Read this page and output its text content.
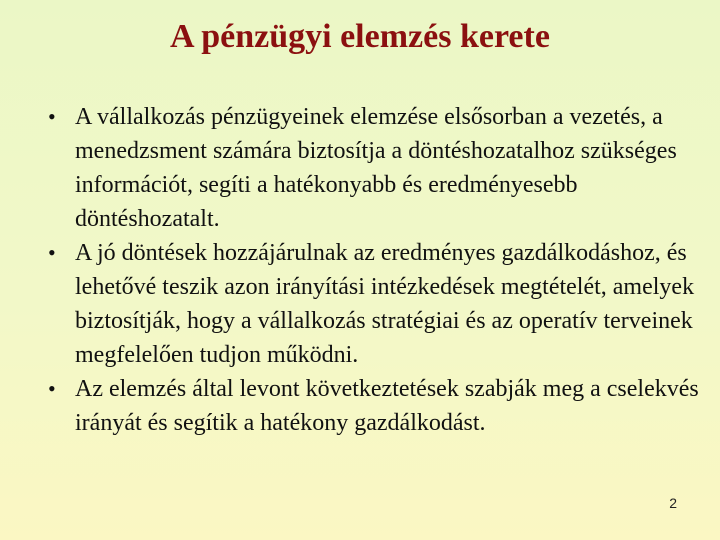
A pénzügyi elemzés kerete
• A vállalkozás pénzügyeinek elemzése elsősorban a vezetés, a menedzsment számára biztosítja a döntéshozatalhoz szükséges információt, segíti a hatékonyabb és eredményesebb döntéshozatalt.
• A jó döntések hozzájárulnak az eredményes gazdálkodáshoz, és lehetővé teszik azon irányítási intézkedések megtételét, amelyek biztosítják, hogy a vállalkozás stratégiai és az operatív terveinek megfelelően tudjon működni.
• Az elemzés által levont következtetések szabják meg a cselekvés irányát és segítik a hatékony gazdálkodást.
2
